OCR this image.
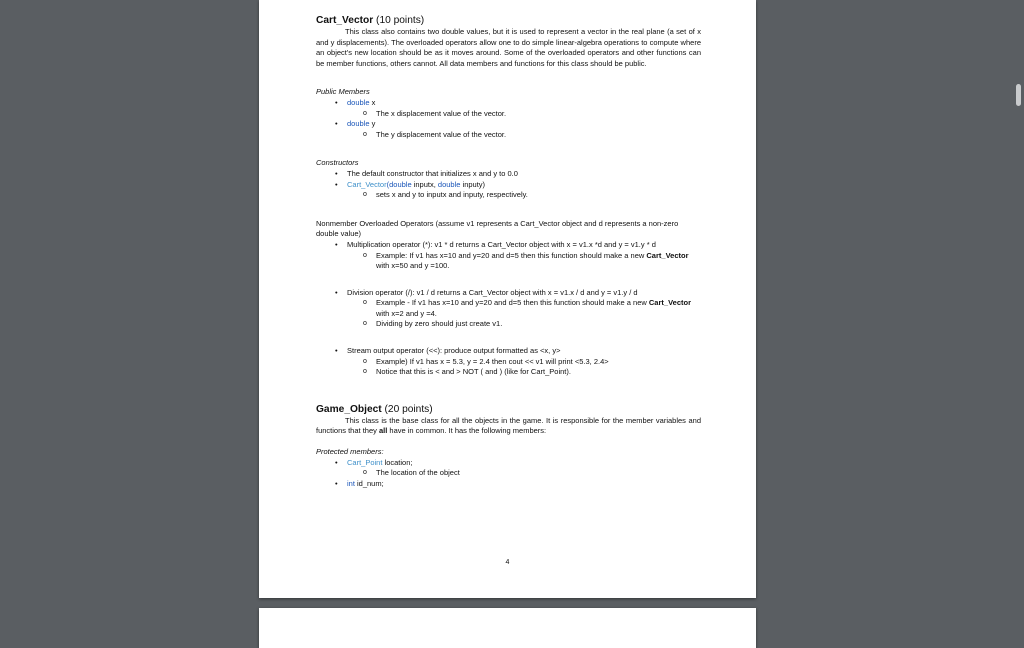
Cart_Vector (10 points)

This class also contains two double values, but it is used to represent a vector in the real plane (a set of x and y displacements). The overloaded operators allow one to do simple linear-algebra operations to compute where an object's new location should be as it moves around. Some of the overloaded operators and other functions can be member functions, others cannot. All data members and functions for this class should be public.

Public Members

• double x
o The x displacement value of the vector.
• double y
o The y displacement value of the vector.

Constructors

• The default constructor that initializes x and y to 0.0
• Cart_Vector(double inputx, double inputy)
o sets x and y to inputx and inputy, respectively.

Nonmember Overloaded Operators (assume v1 represents a Cart_Vector object and d represents a non-zero double value)

• Multiplication operator (*): v1 * d returns a Cart_Vector object with x = v1.x *d and y = v1.y * d
o Example: If v1 has x=10 and y=20 and d=5 then this function should make a new Cart_Vector with x=50 and y =100.
• Division operator (/): v1 / d returns a Cart_Vector object with x = v1.x / d and y = v1.y / d
o Example - If v1 has x=10 and y=20 and d=5 then this function should make a new Cart_Vector with x=2 and y =4.
o Dividing by zero should just create v1.
• Stream output operator (<<): produce output formatted as <x, y>
o Example) If v1 has x = 5.3, y = 2.4 then cout << v1 will print <5.3, 2.4>
o Notice that this is < and > NOT ( and ) (like for Cart_Point).

Game_Object (20 points)

This class is the base class for all the objects in the game. It is responsible for the member variables and functions that they all have in common. It has the following members:

Protected members:

• Cart_Point location;
o The location of the object
• int id_num;
4
